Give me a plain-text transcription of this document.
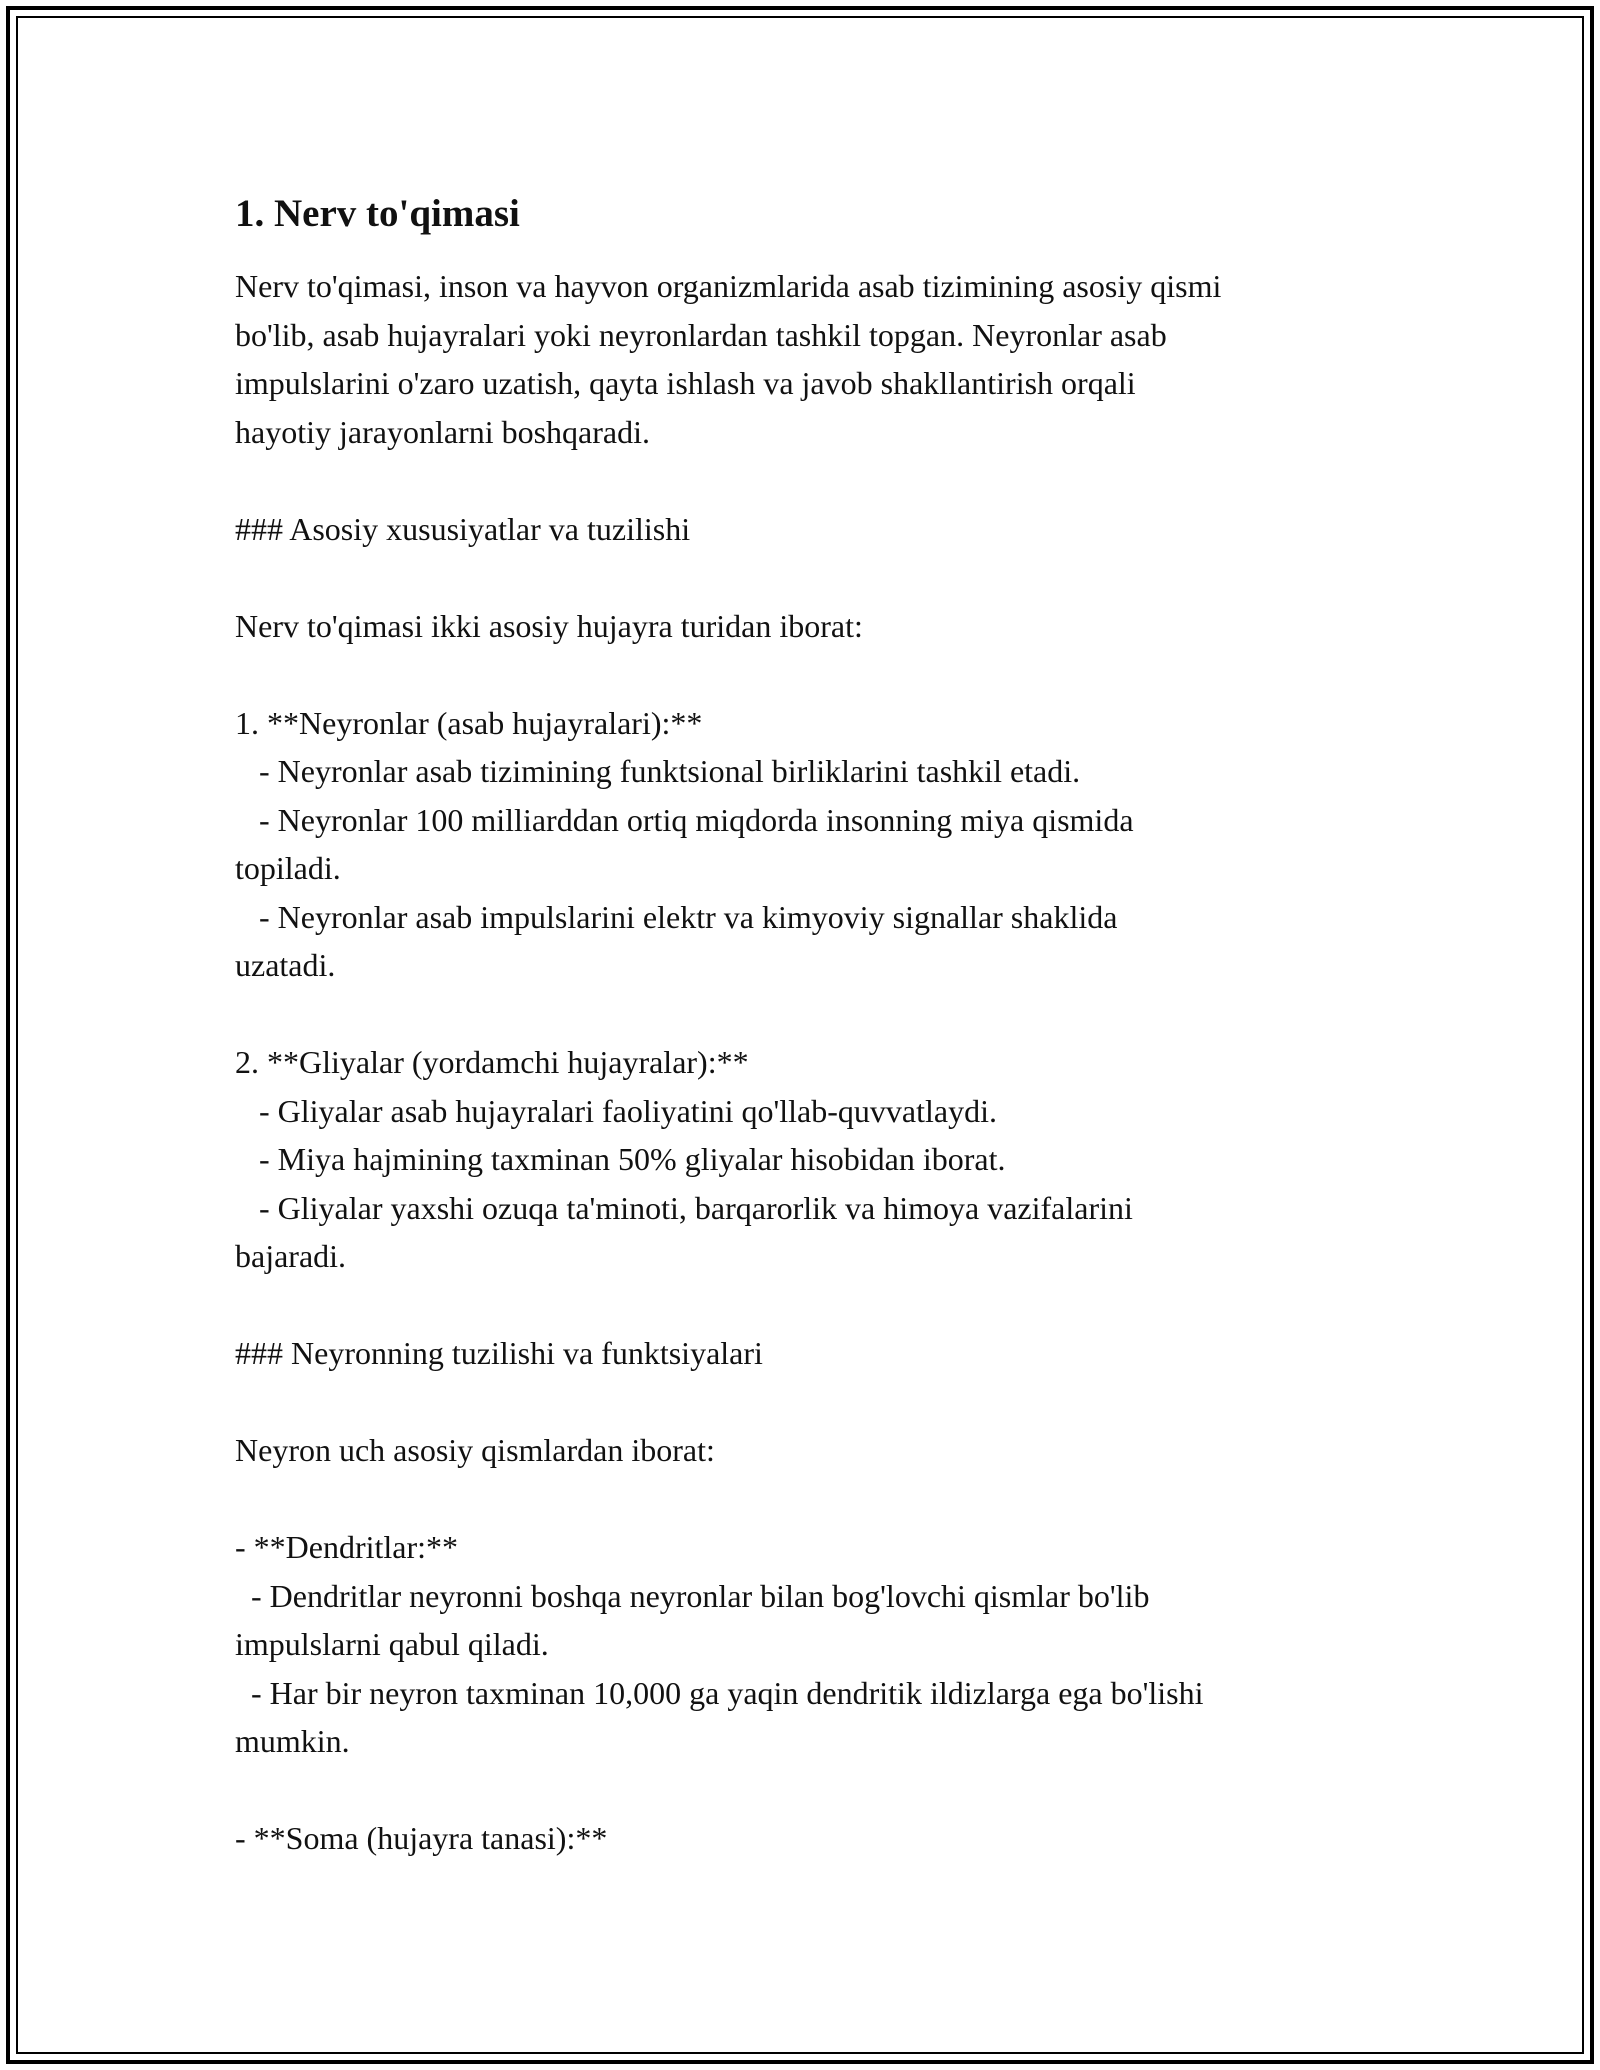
1. Nerv to'qimasi

Nerv to'qimasi, inson va hayvon organizmlarida asab tizimining asosiy qismi
bo'lib, asab hujayralari yoki neyronlardan tashkil topgan. Neyronlar asab
impulslarini o'zaro uzatish, qayta ishlash va javob shakllantirish orqali
hayotiy jarayonlarni boshqaradi.

### Asosiy xususiyatlar va tuzilishi

Nerv to'qimasi ikki asosiy hujayra turidan iborat:

1. **Neyronlar (asab hujayralari):**
- Neyronlar asab tizimining funktsional birliklarini tashkil etadi.
- Neyronlar 100 milliarddan ortiq miqdorda insonning miya qismida
topiladi.
- Neyronlar asab impulslarini elektr va kimyoviy signallar shaklida
uzatadi.

2. **Gliyalar (yordamchi hujayralar):**
- Gliyalar asab hujayralari faoliyatini qo'llab-quvvatlaydi.
- Miya hajmining taxminan 50% gliyalar hisobidan iborat.
- Gliyalar yaxshi ozuqa ta'minoti, barqarorlik va himoya vazifalarini
bajaradi.

### Neyronning tuzilishi va funktsiyalari

Neyron uch asosiy qismlardan iborat:

- **Dendritlar:**
- Dendritlar neyronni boshqa neyronlar bilan bog'lovchi qismlar bo'lib
impulslarni qabul qiladi.
- Har bir neyron taxminan 10,000 ga yaqin dendritik ildizlarga ega bo'lishi
mumkin.

- **Soma (hujayra tanasi):**
